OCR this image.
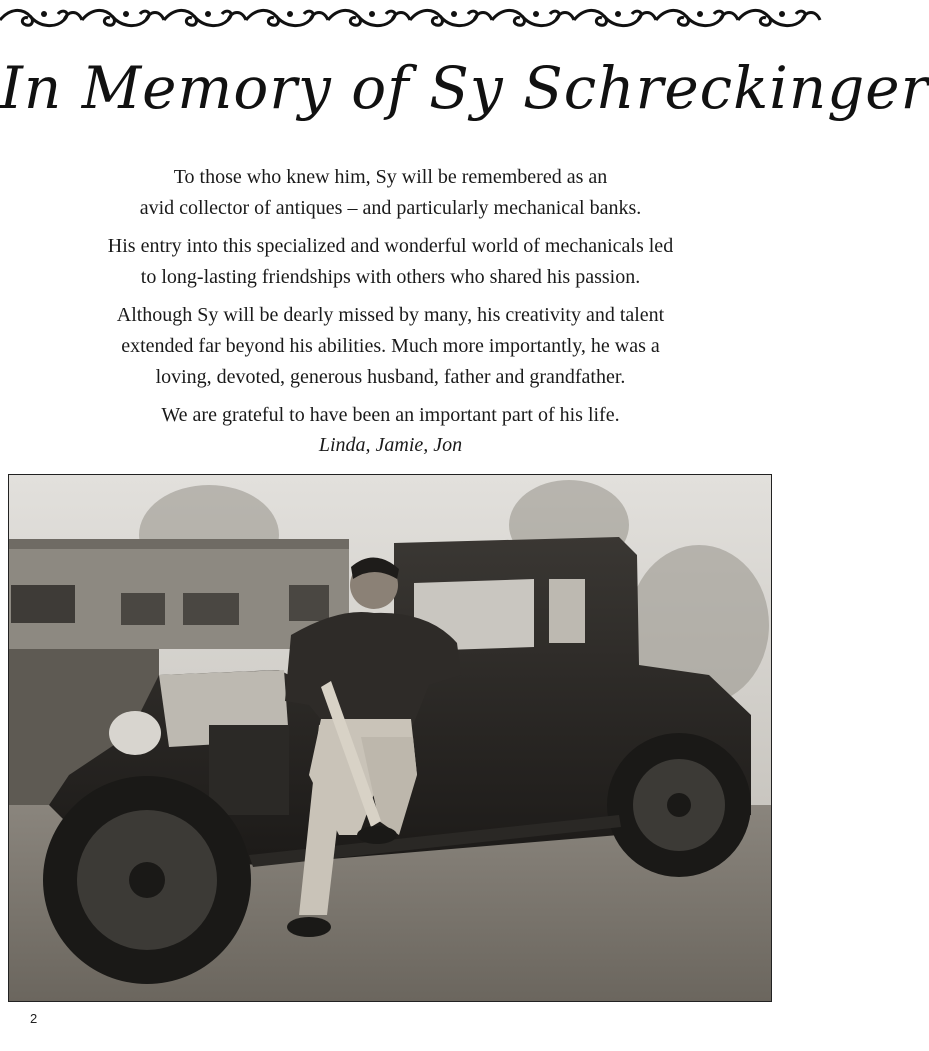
In Memory of Sy Schreckinger

To those who knew him, Sy will be remembered as an
avid collector of antiques – and particularly mechanical banks.

His entry into this specialized and wonderful world of mechanicals led
to long-lasting friendships with others who shared his passion.

Although Sy will be dearly missed by many, his creativity and talent
extended far beyond his abilities. Much more importantly, he was a
loving, devoted, generous husband, father and grandfather.

We are grateful to have been an important part of his life.

Linda, Jamie, Jon
2
